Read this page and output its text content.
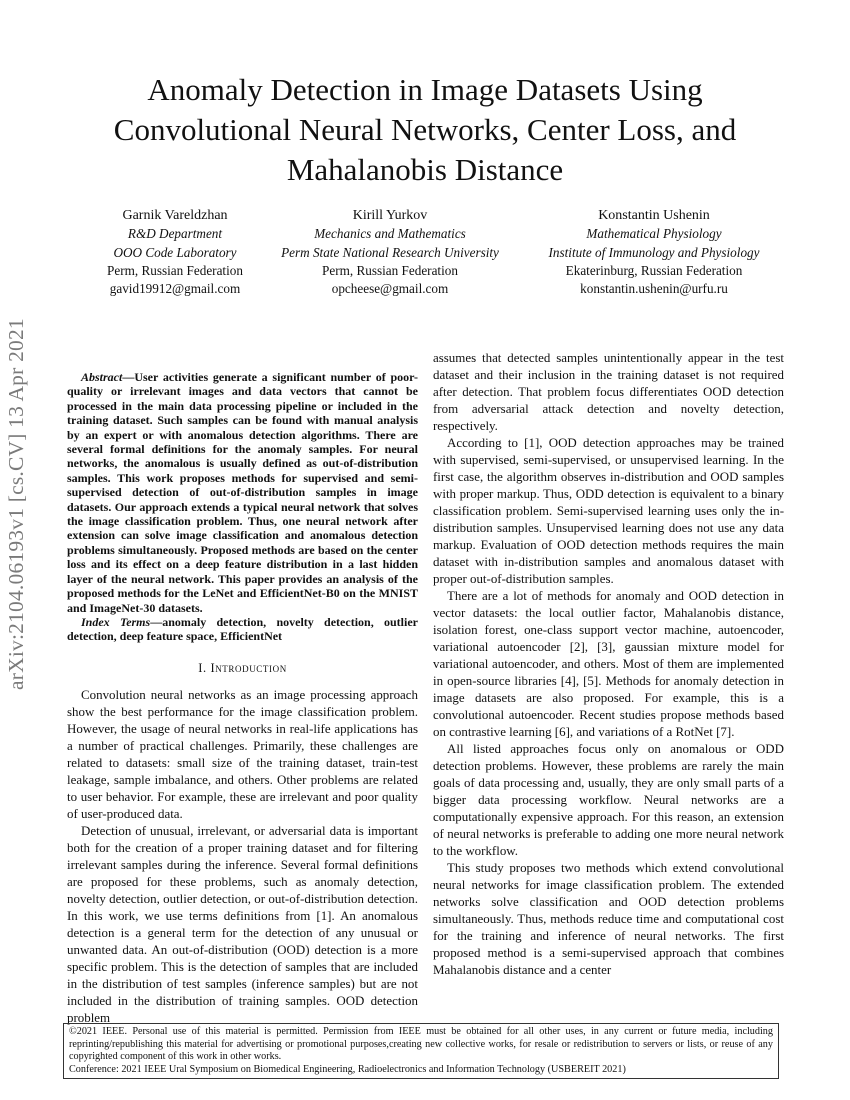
arXiv:2104.06193v1 [cs.CV] 13 Apr 2021
Anomaly Detection in Image Datasets Using
Convolutional Neural Networks, Center Loss, and
Mahalanobis Distance
Garnik Vareldzhan
R&D Department
OOO Code Laboratory
Perm, Russian Federation
gavid19912@gmail.com
Kirill Yurkov
Mechanics and Mathematics
Perm State National Research University
Perm, Russian Federation
opcheese@gmail.com
Konstantin Ushenin
Mathematical Physiology
Institute of Immunology and Physiology
Ekaterinburg, Russian Federation
konstantin.ushenin@urfu.ru

Abstract—User activities generate a significant number of poor-quality or irrelevant images and data vectors that cannot be processed in the main data processing pipeline or included in the training dataset. Such samples can be found with manual analysis by an expert or with anomalous detection algorithms. There are several formal definitions for the anomaly samples. For neural networks, the anomalous is usually defined as out-of-distribution samples. This work proposes methods for supervised and semi-supervised detection of out-of-distribution samples in image datasets. Our approach extends a typical neural network that solves the image classification problem. Thus, one neural network after extension can solve image classification and anomalous detection problems simultaneously. Proposed methods are based on the center loss and its effect on a deep feature distribution in a last hidden layer of the neural network. This paper provides an analysis of the proposed methods for the LeNet and EfficientNet-B0 on the MNIST and ImageNet-30 datasets.

Index Terms—anomaly detection, novelty detection, outlier detection, deep feature space, EfficientNet

I. Introduction

Convolution neural networks as an image processing approach show the best performance for the image classification problem. However, the usage of neural networks in real-life applications has a number of practical challenges. Primarily, these challenges are related to datasets: small size of the training dataset, train-test leakage, sample imbalance, and others. Other problems are related to user behavior. For example, these are irrelevant and poor quality of user-produced data.

Detection of unusual, irrelevant, or adversarial data is important both for the creation of a proper training dataset and for filtering irrelevant samples during the inference. Several formal definitions are proposed for these problems, such as anomaly detection, novelty detection, outlier detection, or out-of-distribution detection. In this work, we use terms definitions from [1]. An anomalous detection is a general term for the detection of any unusual or unwanted data. An out-of-distribution (OOD) detection is a more specific problem. This is the detection of samples that are included in the distribution of test samples (inference samples) but are not included in the distribution of training samples. OOD detection problem

assumes that detected samples unintentionally appear in the test dataset and their inclusion in the training dataset is not required after detection. That problem focus differentiates OOD detection from adversarial attack detection and novelty detection, respectively.

According to [1], OOD detection approaches may be trained with supervised, semi-supervised, or unsupervised learning. In the first case, the algorithm observes in-distribution and OOD samples with proper markup. Thus, ODD detection is equivalent to a binary classification problem. Semi-supervised learning uses only the in-distribution samples. Unsupervised learning does not use any data markup. Evaluation of OOD detection methods requires the main dataset with in-distribution samples and anomalous dataset with proper out-of-distribution samples.

There are a lot of methods for anomaly and OOD detection in vector datasets: the local outlier factor, Mahalanobis distance, isolation forest, one-class support vector machine, autoencoder, variational autoencoder [2], [3], gaussian mixture model for variational autoencoder, and others. Most of them are implemented in open-source libraries [4], [5]. Methods for anomaly detection in image datasets are also proposed. For example, this is a convolutional autoencoder. Recent studies propose methods based on contrastive learning [6], and variations of a RotNet [7].

All listed approaches focus only on anomalous or ODD detection problems. However, these problems are rarely the main goals of data processing and, usually, they are only small parts of a bigger data processing workflow. Neural networks are a computationally expensive approach. For this reason, an extension of neural networks is preferable to adding one more neural network to the workflow.

This study proposes two methods which extend convolutional neural networks for image classification problem. The extended networks solve classification and OOD detection problems simultaneously. Thus, methods reduce time and computational cost for the training and inference of neural networks. The first proposed method is a semi-supervised approach that combines Mahalanobis distance and a center

©2021 IEEE. Personal use of this material is permitted. Permission from IEEE must be obtained for all other uses, in any current or future media, including reprinting/republishing this material for advertising or promotional purposes,creating new collective works, for resale or redistribution to servers or lists, or reuse of any copyrighted component of this work in other works.

Conference: 2021 IEEE Ural Symposium on Biomedical Engineering, Radioelectronics and Information Technology (USBEREIT 2021)
